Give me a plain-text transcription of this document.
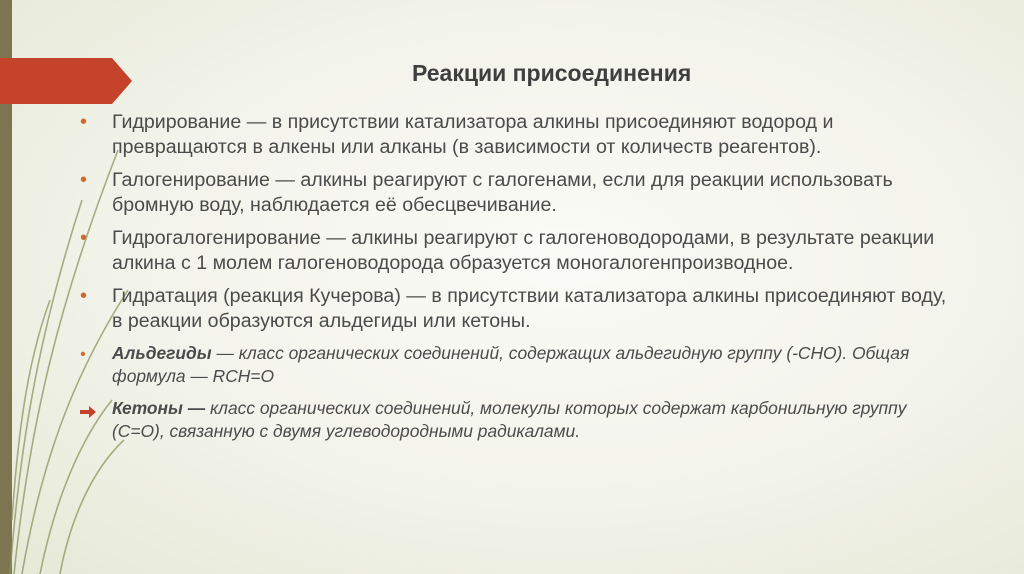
Реакции присоединения
• Гидрирование — в присутствии катализатора алкины присоединяют водород и превращаются в алкены или алканы (в зависимости от количеств реагентов).
• Галогенирование — алкины реагируют с галогенами, если для реакции использовать бромную воду, наблюдается её обесцвечивание.
• Гидрогалогенирование — алкины реагируют с галогеноводородами, в результате реакции алкина с 1 молем галогеноводорода образуется моногалогенпроизводное.
• Гидратация (реакция Кучерова) — в присутствии катализатора алкины присоединяют воду, в реакции образуются альдегиды или кетоны.
• Альдегиды — класс органических соединений, содержащих альдегидную группу (-CHO). Общая формула — RCH=O
Кетоны — класс органических соединений, молекулы которых содержат карбонильную группу (C=O), связанную с двумя углеводородными радикалами.
